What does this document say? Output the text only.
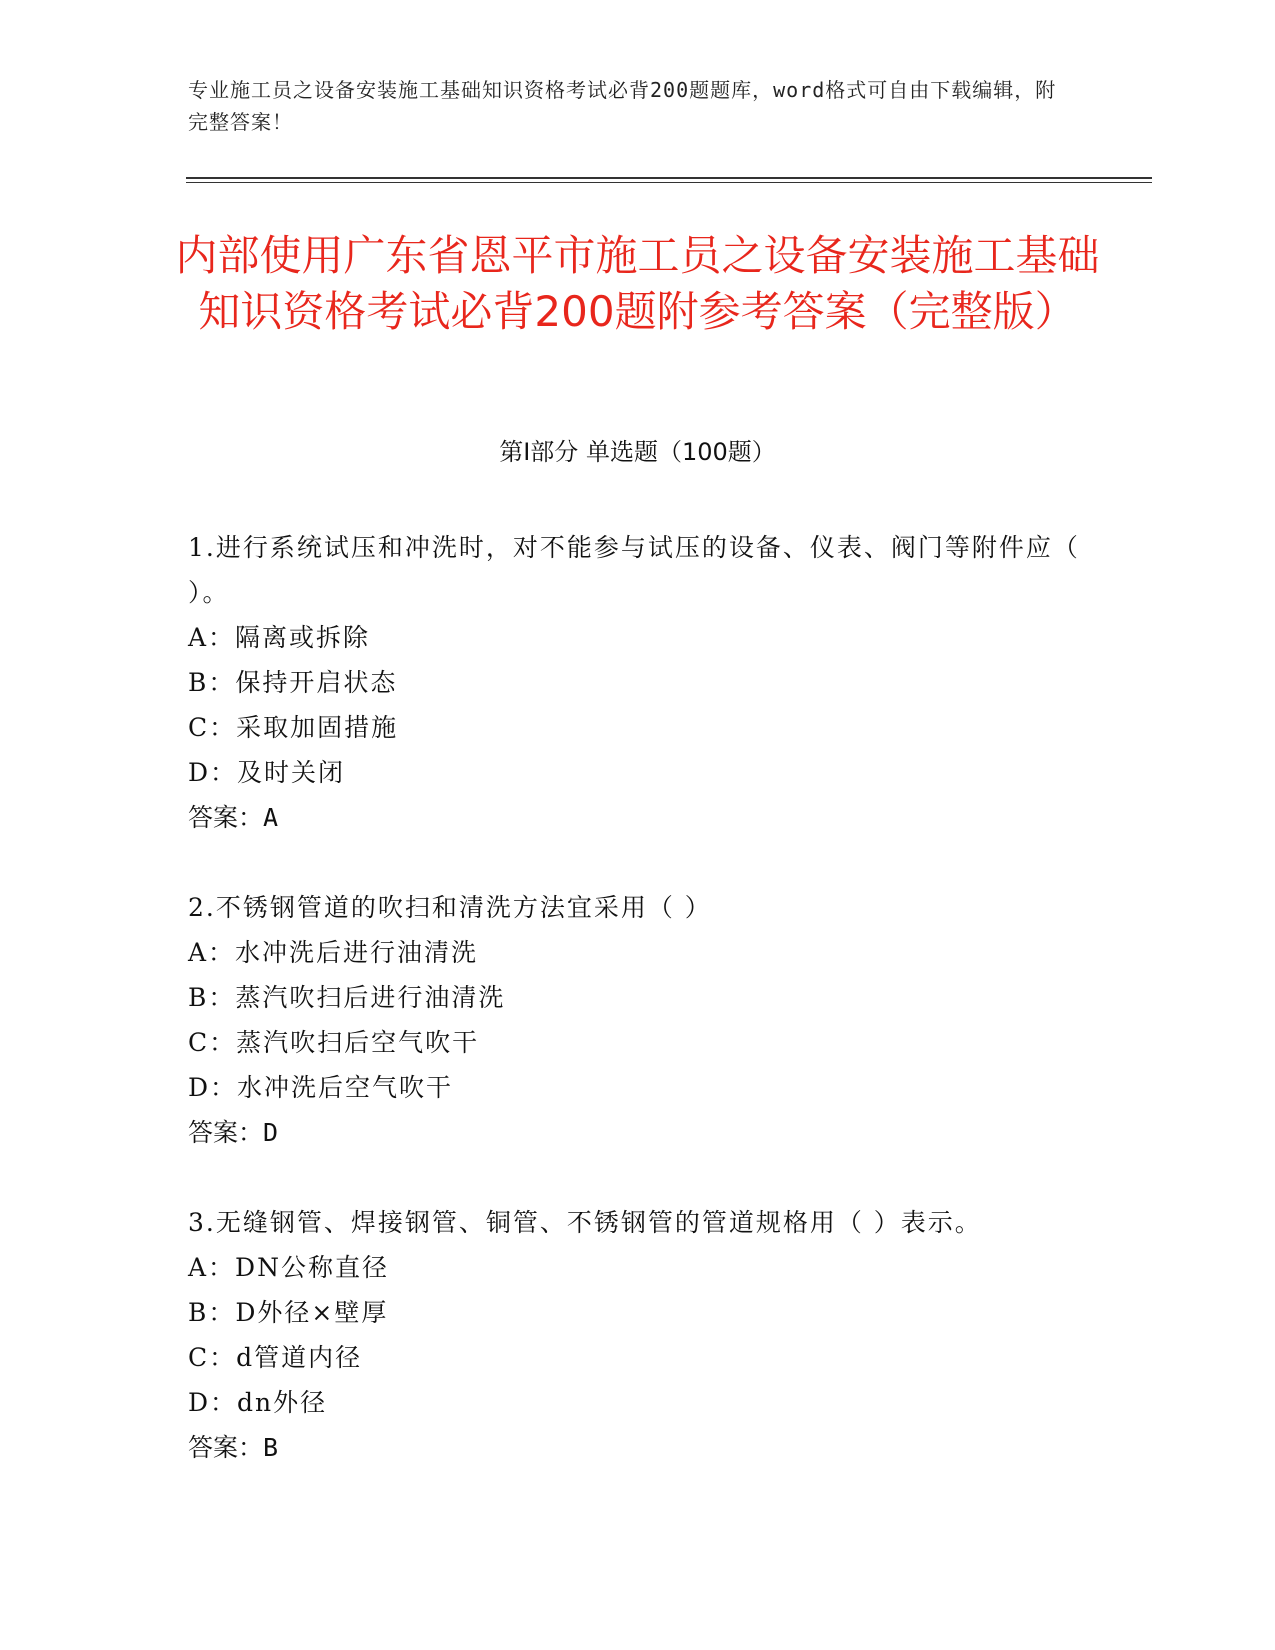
专业施工员之设备安装施工基础知识资格考试必背200题题库，word格式可自由下载编辑，附完整答案！
内部使用广东省恩平市施工员之设备安装施工基础知识资格考试必背200题附参考答案（完整版）
第Ⅰ部分 单选题（100题）
1.进行系统试压和冲洗时，对不能参与试压的设备、仪表、阀门等附件应（ ）。
A：隔离或拆除
B：保持开启状态
C：采取加固措施
D：及时关闭
答案：A
2.不锈钢管道的吹扫和清洗方法宜采用（ ）
A：水冲洗后进行油清洗
B：蒸汽吹扫后进行油清洗
C：蒸汽吹扫后空气吹干
D：水冲洗后空气吹干
答案：D
3.无缝钢管、焊接钢管、铜管、不锈钢管的管道规格用（ ）表示。
A：DN公称直径
B：D外径×壁厚
C：d管道内径
D：dn外径
答案：B
